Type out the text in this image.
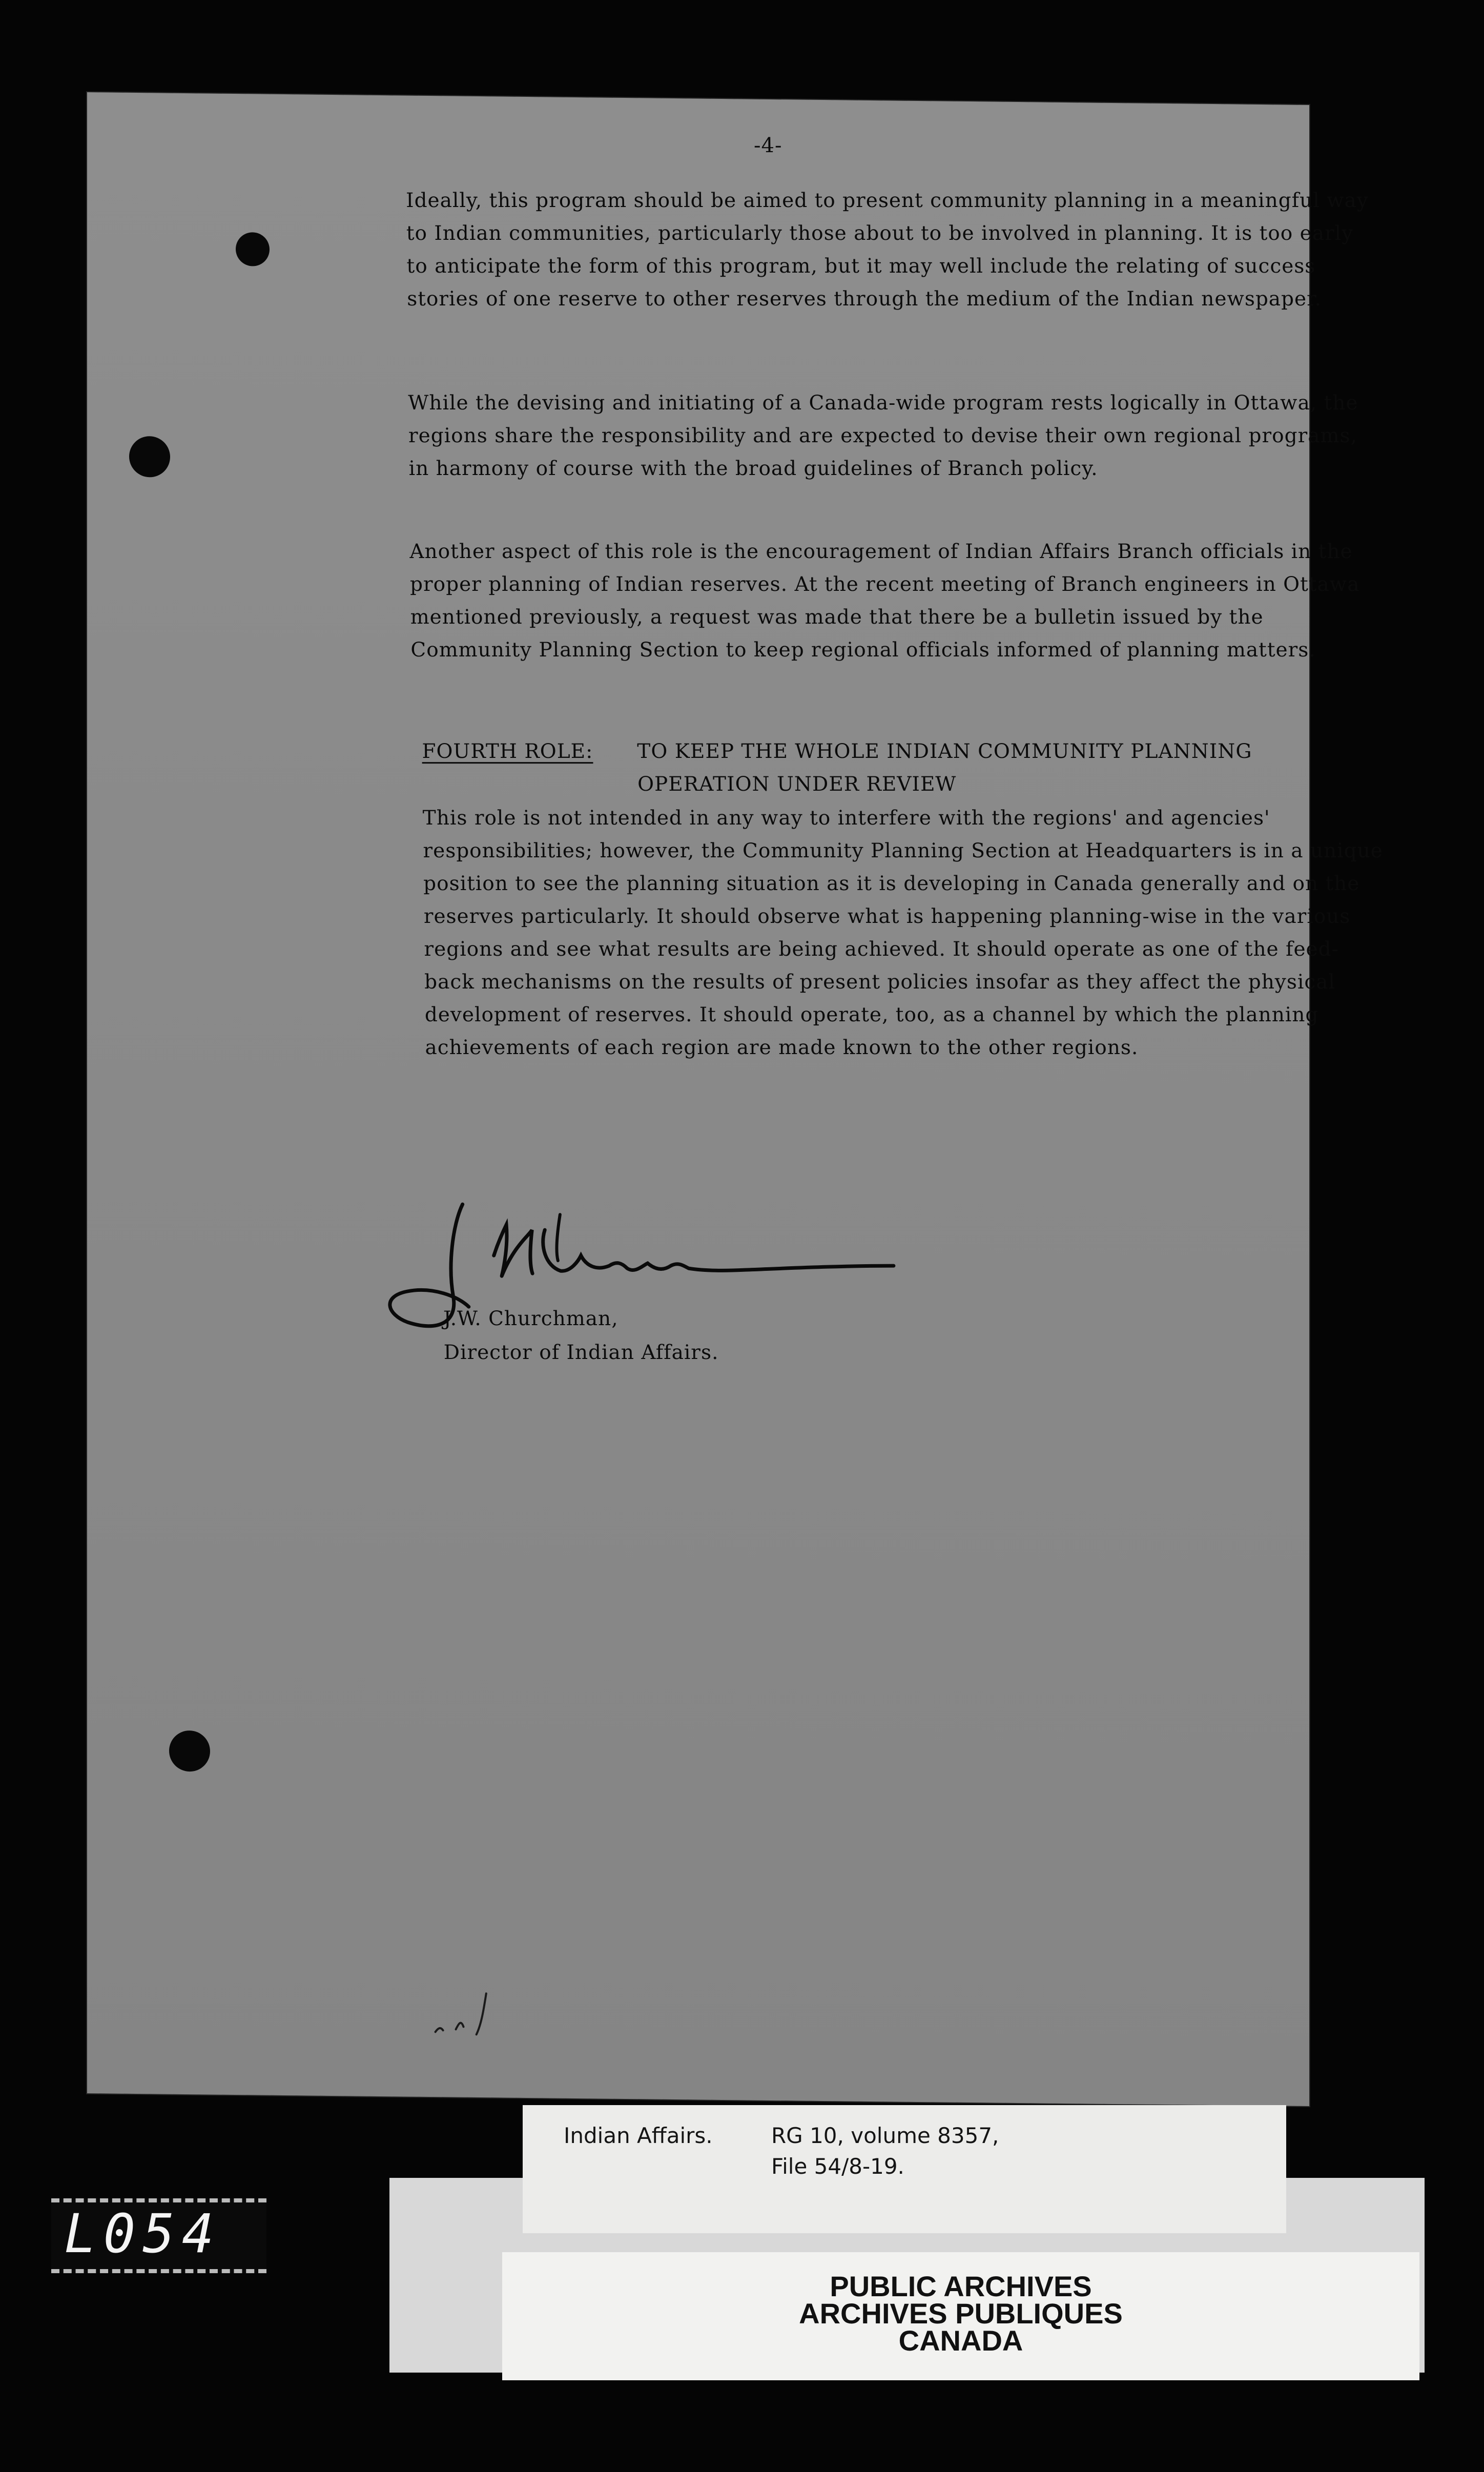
-4-

Ideally, this program should be aimed to present community planning in a meaningful way to Indian communities, particularly those about to be involved in planning. It is too early to anticipate the form of this program, but it may well include the relating of success stories of one reserve to other reserves through the medium of the Indian newspaper.

While the devising and initiating of a Canada-wide program rests logically in Ottawa, the regions share the responsibility and are expected to devise their own regional programs, in harmony of course with the broad guidelines of Branch policy.

Another aspect of this role is the encouragement of Indian Affairs Branch officials in the proper planning of Indian reserves. At the recent meeting of Branch engineers in Ottawa mentioned previously, a request was made that there be a bulletin issued by the Community Planning Section to keep regional officials informed of planning matters.

FOURTH ROLE: TO KEEP THE WHOLE INDIAN COMMUNITY PLANNING OPERATION UNDER REVIEW

This role is not intended in any way to interfere with the regions' and agencies' responsibilities; however, the Community Planning Section at Headquarters is in a unique position to see the planning situation as it is developing in Canada generally and on the reserves particularly. It should observe what is happening planning-wise in the various regions and see what results are being achieved. It should operate as one of the feed-back mechanisms on the results of present policies insofar as they affect the physical development of reserves. It should operate, too, as a channel by which the planning achievements of each region are made known to the other regions.

J.W. Churchman,
Director of Indian Affairs.
Indian Affairs.	RG 10, volume 8357,
File 54/8-19.
PUBLIC ARCHIVES
ARCHIVES PUBLIQUES
CANADA
L054
